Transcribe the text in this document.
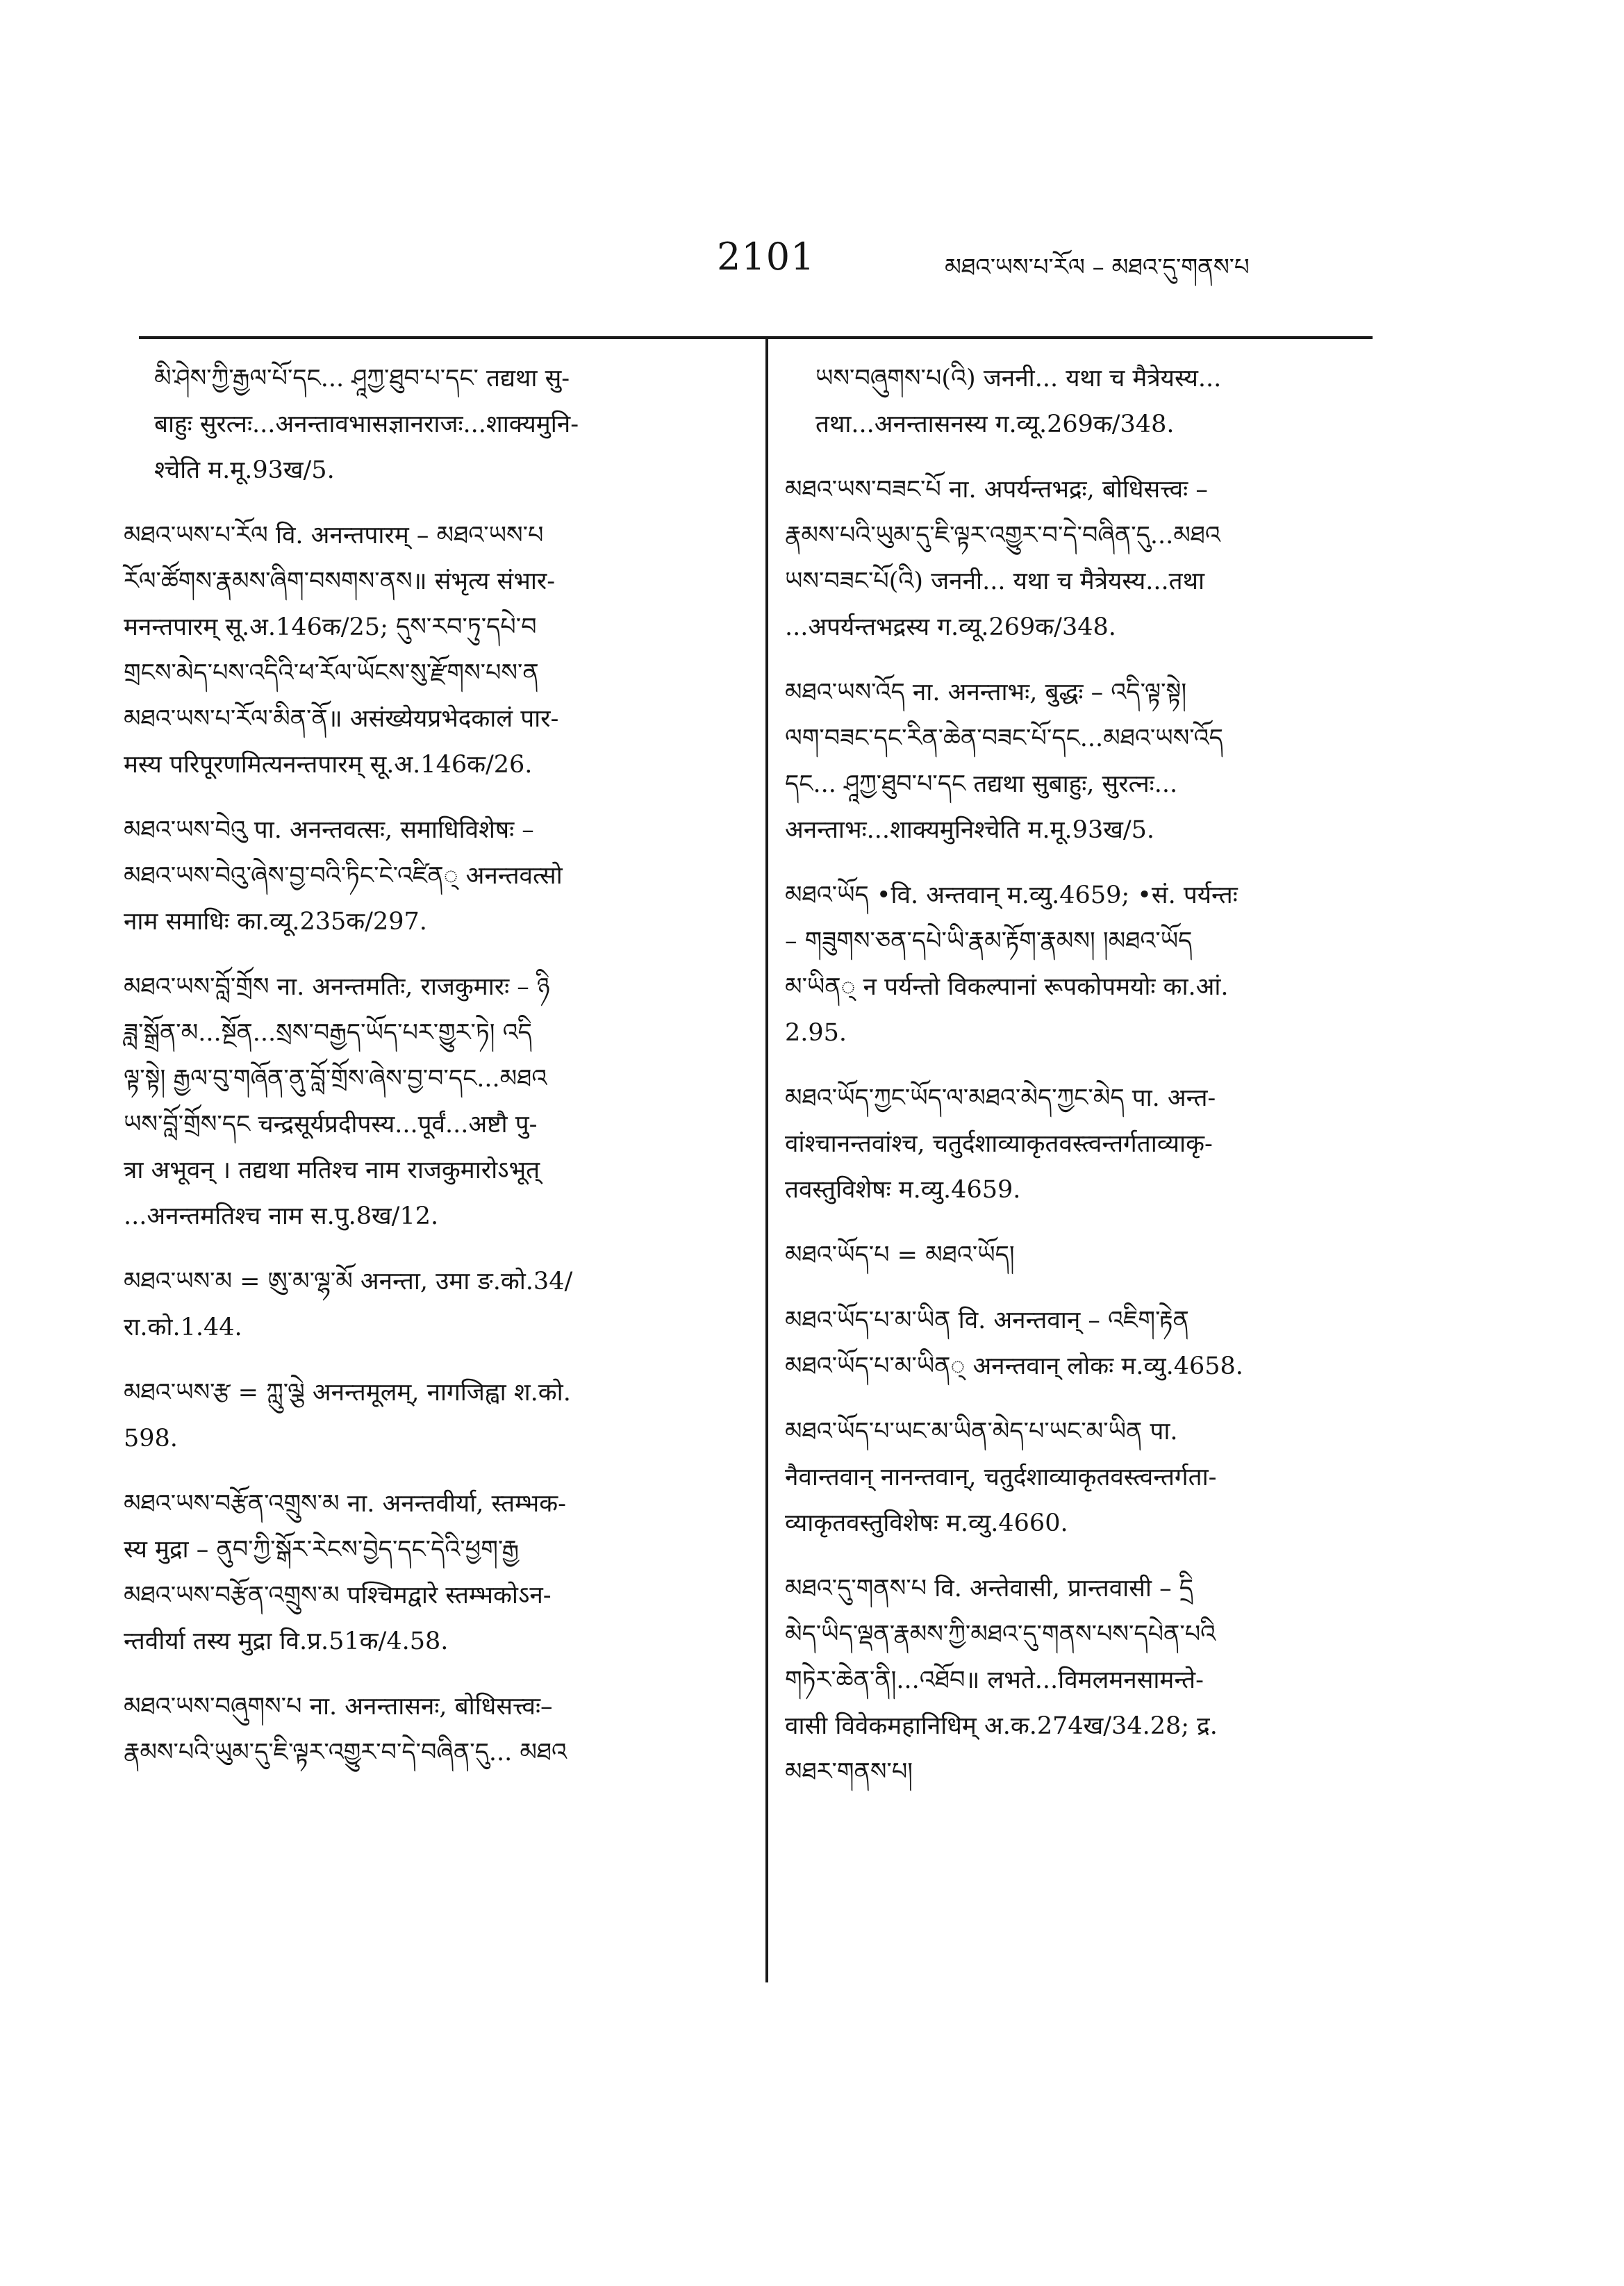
2101	མཐའ་ཡས་པ་རོལ – མཐའ་དུ་གནས་པ
མི་ཤེས་ཀྱི་རྒྱལ་པོ་དང... ཤཱཀྱ་ཐུབ་པ་དང་ तद्यथा सु-
बाहुः सुरत्नः...अनन्तावभासज्ञानराजः...शाक्यमुनि-
श्चेति म.मू.93ख/5.
མཐའ་ཡས་པ་རོལ वि. अनन्तपारम् – མཐའ་ཡས་པ
རོལ་ཚོགས་རྣམས་ཞིག་བསགས་ནས॥ संभृत्य संभार-
मनन्तपारम् सू.अ.146क/25; དུས་རབ་ཏུ་དཔེ་བ
གྲངས་མེད་པས་འདིའི་ཕ་རོལ་ཡོངས་སུ་རྫོགས་པས་ན
མཐའ་ཡས་པ་རོལ་མིན་ནོ॥ असंख्येयप्रभेदकालं पार-
मस्य परिपूरणमित्यनन्तपारम् सू.अ.146क/26.
མཐའ་ཡས་བེའུ पा. अनन्तवत्सः, समाधिविशेषः –
མཐའ་ཡས་བེའུ་ཞེས་བྱ་བའི་ཏིང་ངེ་འཛིན् अनन्तवत्सो
नाम समाधिः का.व्यू.235क/297.
མཐའ་ཡས་བློ་གྲོས ना. अनन्तमतिः, राजकुमारः – ཉི
ཟླ་སྒྲོན་མ...སྔོན...སྲས་བརྒྱད་ཡོད་པར་གྱུར་ཏེ། འདི
ལྟ་སྟེ། རྒྱལ་བུ་གཞོན་ནུ་བློ་གྲོས་ཞེས་བྱ་བ་དང...མཐའ
ཡས་བློ་གྲོས་དང चन्द्रसूर्यप्रदीपस्य...पूर्वं...अष्टौ पु-
त्रा अभूवन् । तद्यथा मतिश्च नाम राजकुमारोऽभूत्
...अनन्तमतिश्च नाम स.पु.8ख/12.
མཐའ་ཡས་མ = ཨུ་མ་ལྷ་མོ अनन्ता, उमा ङ.को.34/
रा.को.1.44.
མཐའ་ཡས་རྩ = ཀླུ་ལྕེ अनन्तमूलम्, नागजिह्वा श.को.
598.
མཐའ་ཡས་བརྩོན་འགྲུས་མ ना. अनन्तवीर्या, स्तम्भक-
स्य मुद्रा – ནུབ་ཀྱི་སྒོར་རེངས་བྱེད་དང་དེའི་ཕྱག་རྒྱ
མཐའ་ཡས་བརྩོན་འགྲུས་མ पश्चिमद्वारे स्तम्भकोऽन-
न्तवीर्या तस्य मुद्रा वि.प्र.51क/4.58.
མཐའ་ཡས་བཞུགས་པ ना. अनन्तासनः, बोधिसत्त्वः–
རྣམས་པའི་ཡུམ་དུ་ཇི་ལྟར་འགྱུར་བ་དེ་བཞིན་དུ... མཐའ
ཡས་བཞུགས་པ(འི) जननी... यथा च मैत्रेयस्य...
तथा...अनन्तासनस्य ग.व्यू.269क/348.
མཐའ་ཡས་བཟང་པོ ना. अपर्यन्तभद्रः, बोधिसत्त्वः –
རྣམས་པའི་ཡུམ་དུ་ཇི་ལྟར་འགྱུར་བ་དེ་བཞིན་དུ...མཐའ
ཡས་བཟང་པོ(འི) जननी... यथा च मैत्रेयस्य...तथा
...अपर्यन्तभद्रस्य ग.व्यू.269क/348.
མཐའ་ཡས་འོད ना. अनन्ताभः, बुद्धः – འདི་ལྟ་སྟེ།
ལག་བཟང་དང་རིན་ཆེན་བཟང་པོ་དང...མཐའ་ཡས་འོད
དང... ཤཱཀྱ་ཐུབ་པ་དང तद्यथा सुबाहुः, सुरत्नः...
अनन्ताभः...शाक्यमुनिश्चेति म.मू.93ख/5.
མཐའ་ཡོད •वि. अन्तवान् म.व्यु.4659; •सं. पर्यन्तः
– གཟུགས་ཅན་དཔེ་ཡི་རྣམ་རྟོག་རྣམས། །མཐའ་ཡོད
མ་ཡིན् न पर्यन्तो विकल्पानां रूपकोपमयोः का.आं.
2.95.
མཐའ་ཡོད་ཀྱང་ཡོད་ལ་མཐའ་མེད་ཀྱང་མེད पा. अन्त-
वांश्चानन्तवांश्च, चतुर्दशाव्याकृतवस्त्वन्तर्गताव्याकृ-
तवस्तुविशेषः म.व्यु.4659.
མཐའ་ཡོད་པ = མཐའ་ཡོད།
མཐའ་ཡོད་པ་མ་ཡིན वि. अनन्तवान् – འཇིག་རྟེན
མཐའ་ཡོད་པ་མ་ཡིན् अनन्तवान् लोकः म.व्यु.4658.
མཐའ་ཡོད་པ་ཡང་མ་ཡིན་མེད་པ་ཡང་མ་ཡིན पा.
नैवान्तवान् नानन्तवान्, चतुर्दशाव्याकृतवस्त्वन्तर्गता-
व्याकृतवस्तुविशेषः म.व्यु.4660.
མཐའ་དུ་གནས་པ वि. अन्तेवासी, प्रान्तवासी – དྲི
མེད་ཡིད་ལྡན་རྣམས་ཀྱི་མཐའ་དུ་གནས་པས་དཔེན་པའི
གཏེར་ཆེན་ནི།...འཐོབ॥ लभते...विमलमनसामन्ते-
वासी विवेकमहानिधिम् अ.क.274ख/34.28; द्र.
མཐར་གནས་པ།
